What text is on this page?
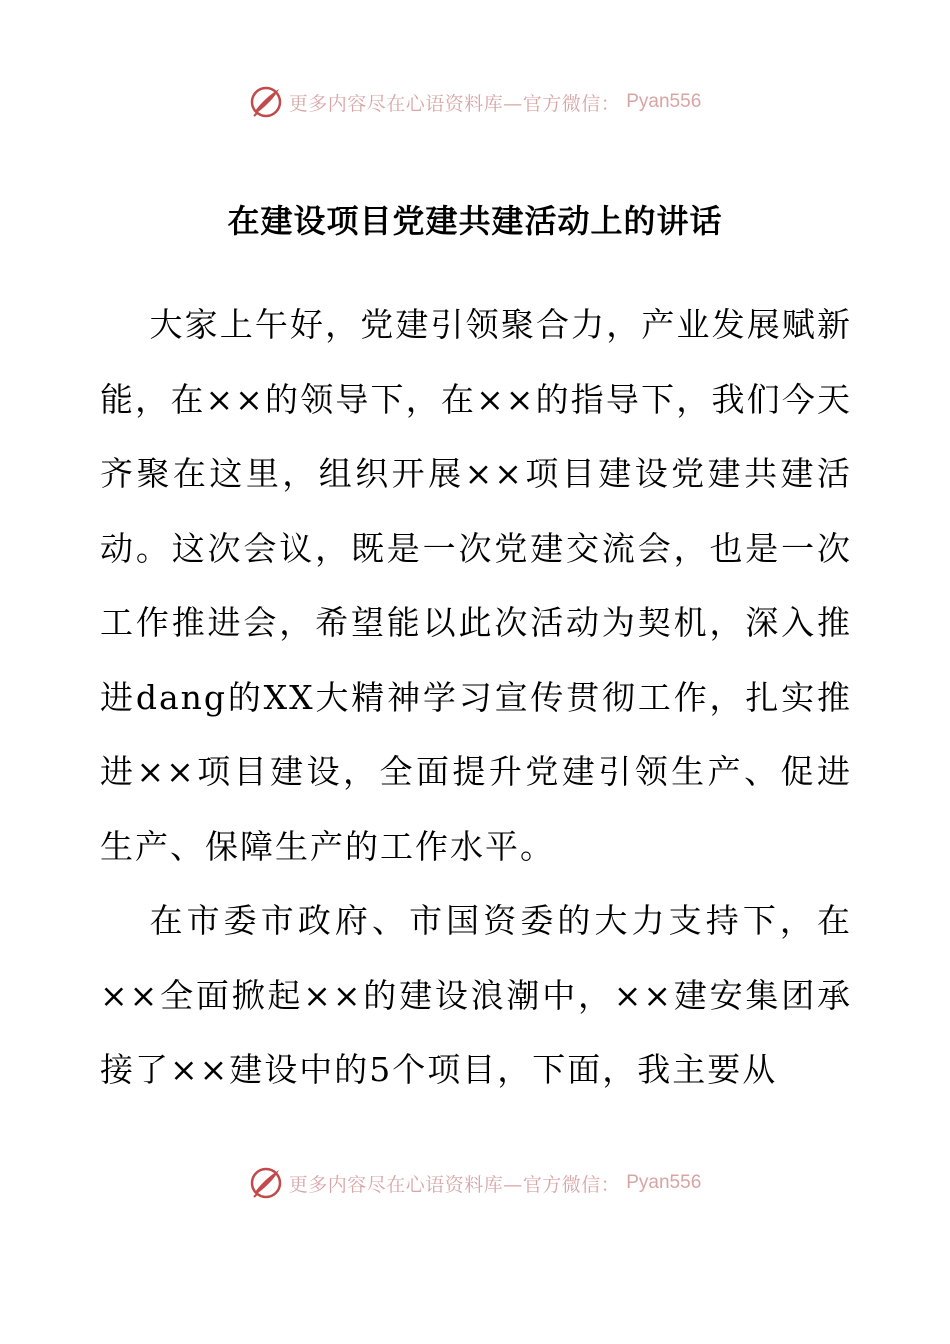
更多内容尽在心语资料库—官方微信： Pyan556
在建设项目党建共建活动上的讲话

大家上午好，党建引领聚合力，产业发展赋新能，在××的领导下，在××的指导下，我们今天齐聚在这里，组织开展××项目建设党建共建活动。这次会议，既是一次党建交流会，也是一次工作推进会，希望能以此次活动为契机，深入推进dang的XX大精神学习宣传贯彻工作，扎实推进××项目建设，全面提升党建引领生产、促进生产、保障生产的工作水平。

在市委市政府、市国资委的大力支持下，在××全面掀起××的建设浪潮中，××建安集团承接了××建设中的5个项目，下面，我主要从

更多内容尽在心语资料库—官方微信： Pyan556
